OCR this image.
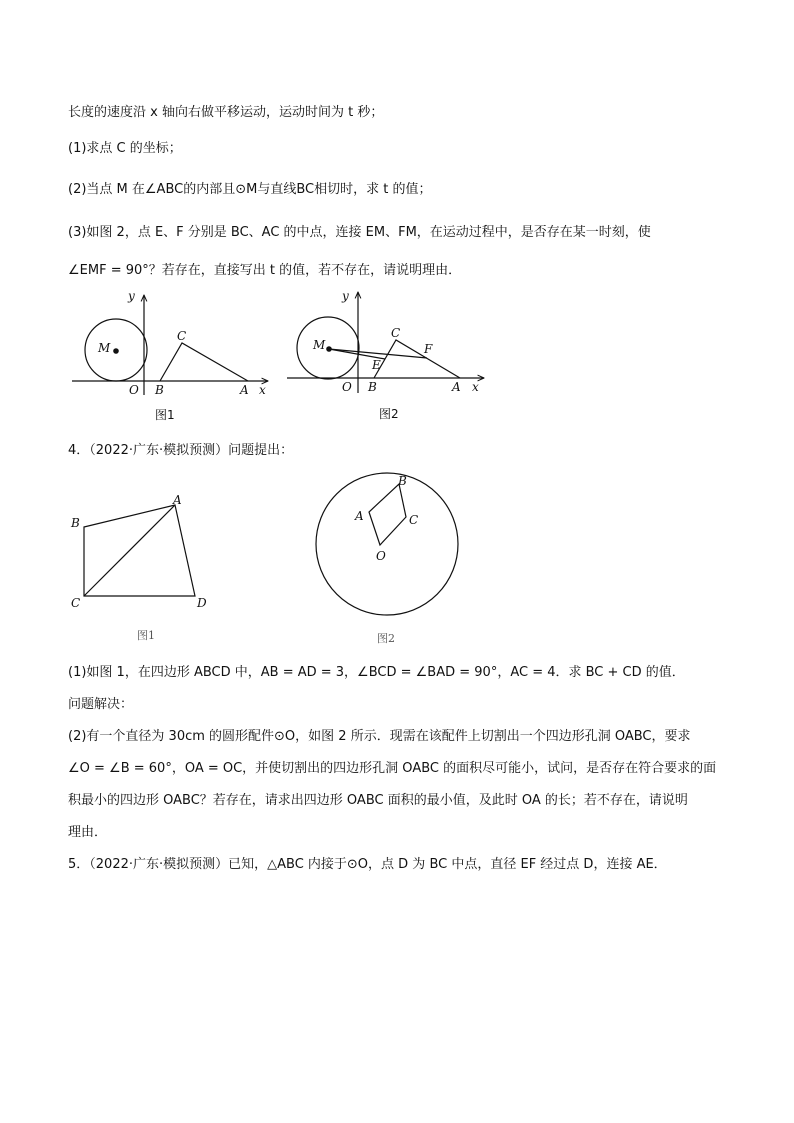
长度的速度沿 x 轴向右做平移运动，运动时间为 t 秒；
(1)求点 C 的坐标；
(2)当点 M 在∠ABC的内部且⊙M与直线BC相切时，求 t 的值；
(3)如图 2，点 E、F 分别是 BC、AC 的中点，连接 EM、FM，在运动过程中，是否存在某一时刻，使
∠EMF = 90°？若存在，直接写出 t 的值，若不存在，请说明理由．
y
x
M
C
O B	A
图1
y
x
M
C
F
E
O B	A
图2
4．（2022·广东·模拟预测）问题提出：
A
B
C	D
图1
B
A	C
O
图2
(1)如图 1，在四边形 ABCD 中，AB = AD = 3，∠BCD = ∠BAD = 90°，AC = 4．求 BC + CD 的值．
问题解决：
(2)有一个直径为 30cm 的圆形配件⊙O，如图 2 所示．现需在该配件上切割出一个四边形孔洞 OABC，要求
∠O = ∠B = 60°，OA = OC，并使切割出的四边形孔洞 OABC 的面积尽可能小，试问，是否存在符合要求的面
积最小的四边形 OABC？若存在，请求出四边形 OABC 面积的最小值，及此时 OA 的长；若不存在，请说明
理由．
5．（2022·广东·模拟预测）已知，△ABC 内接于⊙O，点 D 为 BC 中点，直径 EF 经过点 D，连接 AE．
